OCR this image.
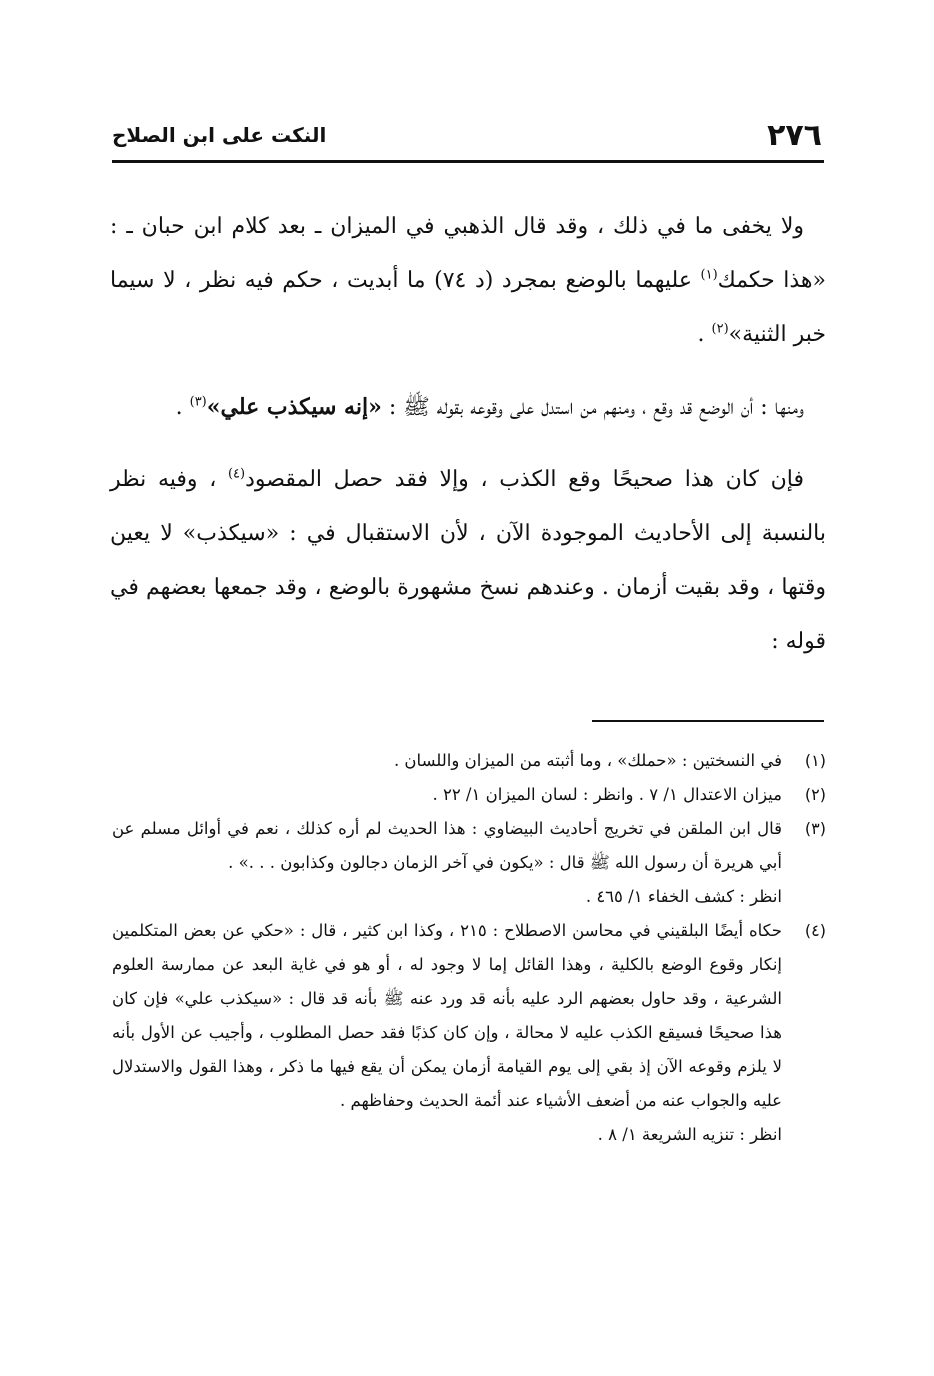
٢٧٦
النكت على ابن الصلاح

ولا يخفى ما في ذلك ، وقد قال الذهبي في الميزان ـ بعد كلام ابن حبان ـ : «هذا حكمك$^{(١)}$ عليهما بالوضع بمجرد (د ٧٤) ما أبديت ، حكم فيه نظر ، لا سيما خبر الثنية»$^{(٢)}$ .

ومنها : أن الوضع قد وقع ، ومنهم من استدل على وقوعه بقوله ﷺ : «إنه سيكذب علي»$^{(٣)}$ .

فإن كان هذا صحيحًا وقع الكذب ، وإلا فقد حصل المقصود$^{(٤)}$ ، وفيه نظر بالنسبة إلى الأحاديث الموجودة الآن ، لأن الاستقبال في : «سيكذب» لا يعين وقتها ، وقد بقيت أزمان . وعندهم نسخ مشهورة بالوضع ، وقد جمعها بعضهم في قوله :

(١)
في النسختين : «حملك» ، وما أثبته من الميزان واللسان .
(٢)
ميزان الاعتدال ١/ ٧ . وانظر : لسان الميزان ١/ ٢٢ .
(٣)
قال ابن الملقن في تخريج أحاديث البيضاوي : هذا الحديث لم أره كذلك ، نعم في أوائل مسلم عن أبي هريرة أن رسول الله ﷺ قال : «يكون في آخر الزمان دجالون وكذابون . . .» .
انظر : كشف الخفاء ١/ ٤٦٥ .
(٤)
حكاه أيضًا البلقيني في محاسن الاصطلاح : ٢١٥ ، وكذا ابن كثير ، قال : «حكي عن بعض المتكلمين إنكار وقوع الوضع بالكلية ، وهذا القائل إما لا وجود له ، أو هو في غاية البعد عن ممارسة العلوم الشرعية ، وقد حاول بعضهم الرد عليه بأنه قد ورد عنه ﷺ بأنه قد قال : «سيكذب علي» فإن كان هذا صحيحًا فسيقع الكذب عليه لا محالة ، وإن كان كذبًا فقد حصل المطلوب ، وأجيب عن الأول بأنه لا يلزم وقوعه الآن إذ بقي إلى يوم القيامة أزمان يمكن أن يقع فيها ما ذكر ، وهذا القول والاستدلال عليه والجواب عنه من أضعف الأشياء عند أئمة الحديث وحفاظهم .
انظر : تنزيه الشريعة ١/ ٨ .
